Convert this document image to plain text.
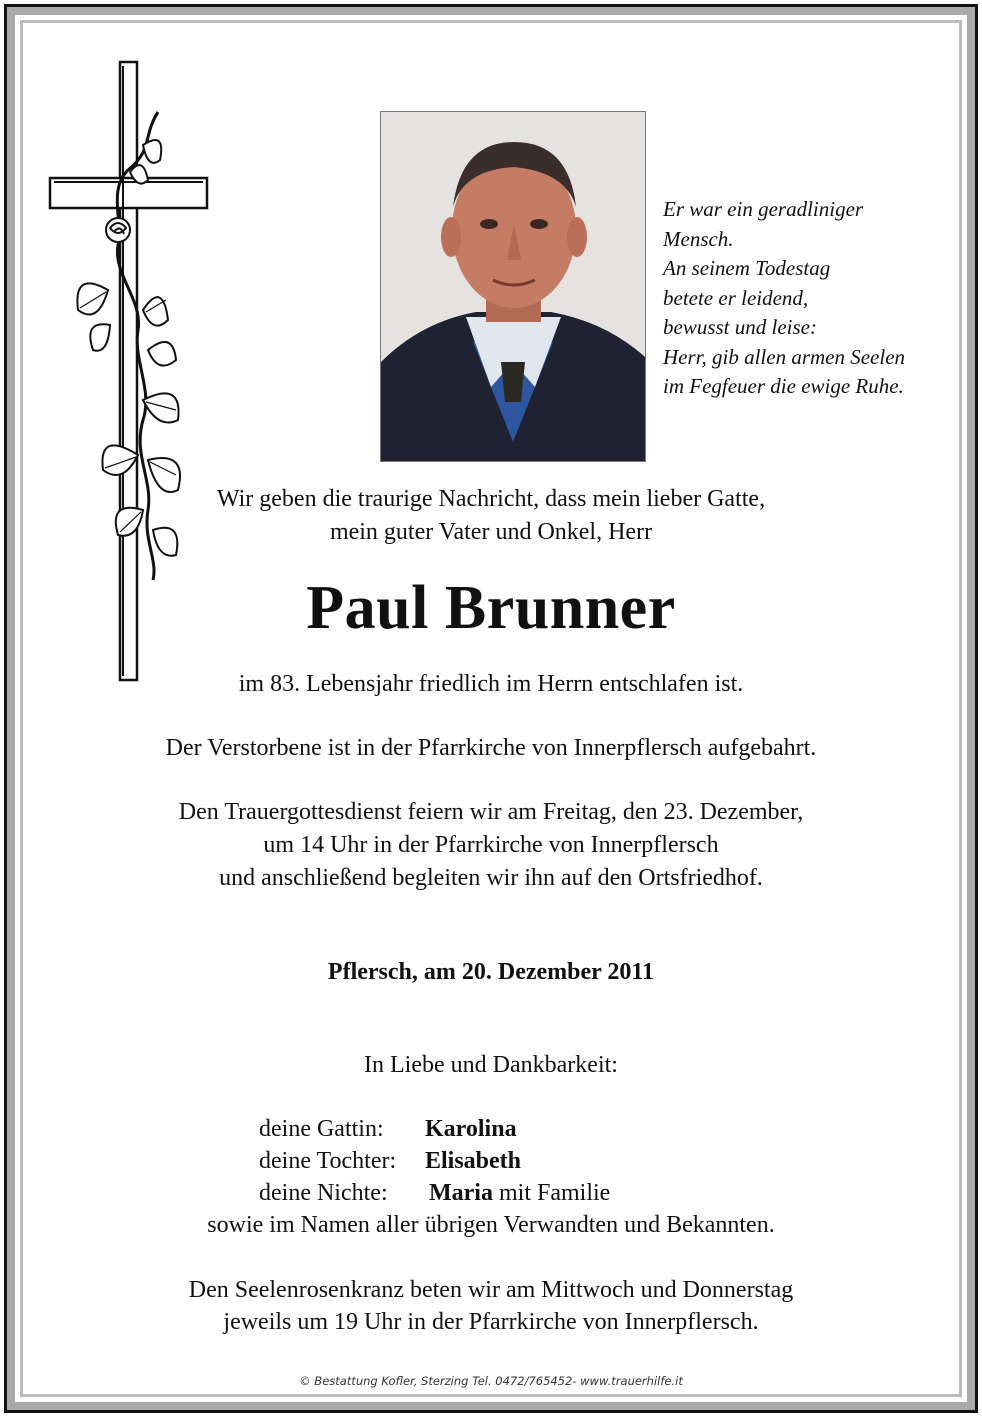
Er war ein geradliniger
Mensch.
An seinem Todestag
betete er leidend,
bewusst und leise:
Herr, gib allen armen Seelen
im Fegfeuer die ewige Ruhe.
Wir geben die traurige Nachricht, dass mein lieber Gatte,
mein guter Vater und Onkel, Herr
Paul Brunner
im 83. Lebensjahr friedlich im Herrn entschlafen ist.
Der Verstorbene ist in der Pfarrkirche von Innerpflersch aufgebahrt.
Den Trauergottesdienst feiern wir am Freitag, den 23. Dezember,
um 14 Uhr in der Pfarrkirche von Innerpflersch
und anschließend begleiten wir ihn auf den Ortsfriedhof.
Pflersch, am 20. Dezember 2011
In Liebe und Dankbarkeit:
deine Gattin: Karolina
deine Tochter: Elisabeth
deine Nichte: Maria mit Familie
sowie im Namen aller übrigen Verwandten und Bekannten.
Den Seelenrosenkranz beten wir am Mittwoch und Donnerstag
jeweils um 19 Uhr in der Pfarrkirche von Innerpflersch.
© Bestattung Kofler, Sterzing Tel. 0472/765452- www.trauerhilfe.it
